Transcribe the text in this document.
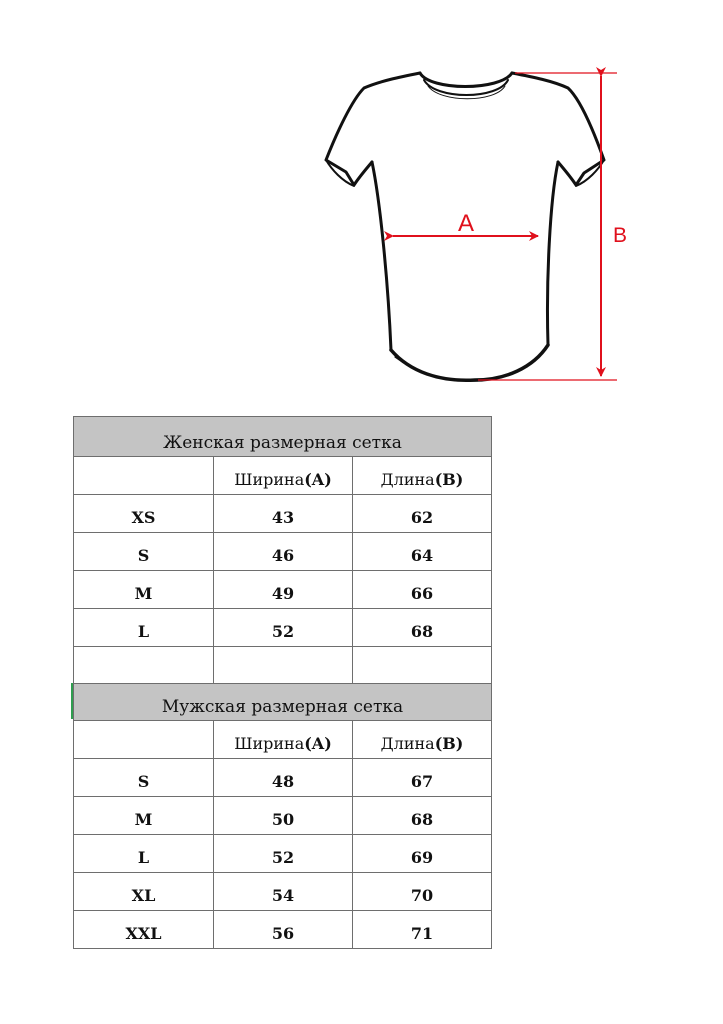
A	B
Женская размерная сетка		
	Ширина(A)	Длина(B)
XS	43	62
S	46	64
M	49	66
L	52	68

Мужская размерная сетка		
	Ширина(A)	Длина(B)
S	48	67
M	50	68
L	52	69
XL	54	70
XXL	56	71
